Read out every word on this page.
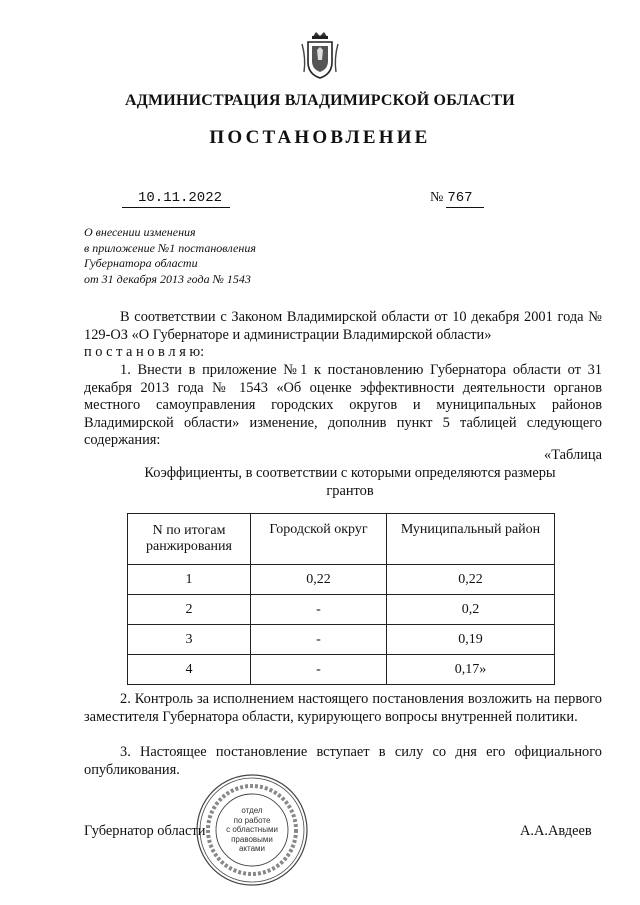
АДМИНИСТРАЦИЯ ВЛАДИМИРСКОЙ ОБЛАСТИ
ПОСТАНОВЛЕНИЕ
10.11.2022	№ 767
О внесении изменения
в приложение №1 постановления
Губернатора области
от 31 декабря 2013 года № 1543
В соответствии с Законом Владимирской области от 10 декабря 2001 года № 129-ОЗ «О Губернаторе и администрации Владимирской области»
п о с т а н о в л я ю:
1. Внести в приложение №1 к постановлению Губернатора области от 31 декабря 2013 года № 1543 «Об оценке эффективности деятельности органов местного самоуправления городских округов и муниципальных районов Владимирской области» изменение, дополнив пункт 5 таблицей следующего содержания:
«Таблица
Коэффициенты, в соответствии с которыми определяются размеры
грантов
N по итогам ранжирования	Городской округ	Муниципальный район
1	0,22	0,22
2	-	0,2
3	-	0,19
4	-	0,17»
2. Контроль за исполнением настоящего постановления возложить на первого заместителя Губернатора области, курирующего вопросы внутренней политики.
3. Настоящее постановление вступает в силу со дня его официального опубликования.
отдел
по работе
с областными
правовыми
актами
Губернатор области	А.А.Авдеев
